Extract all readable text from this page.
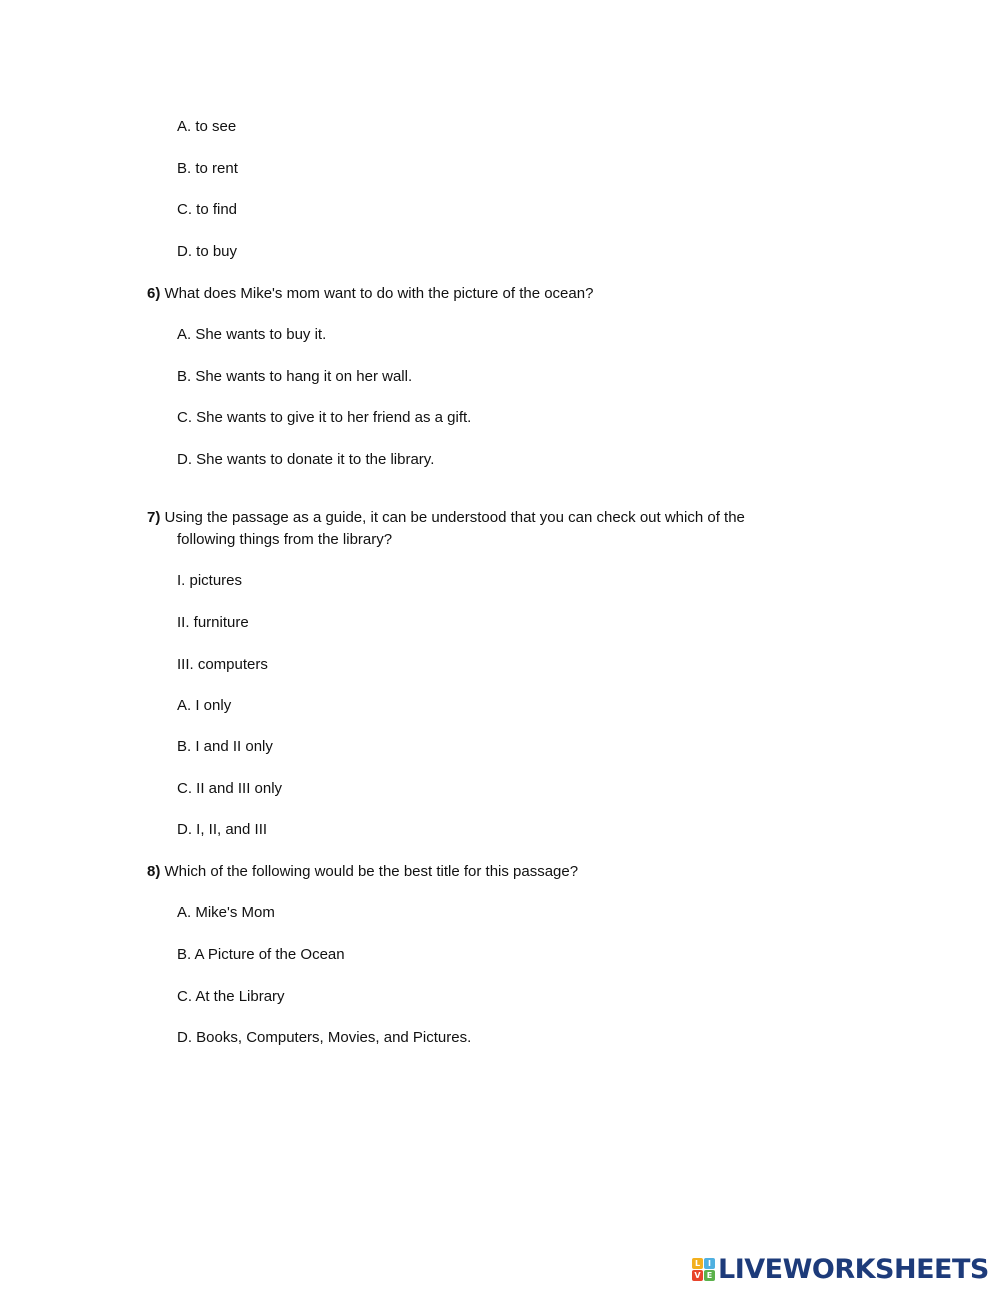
A. to see
B. to rent
C. to find
D. to buy
6) What does Mike's mom want to do with the picture of the ocean?
A. She wants to buy it.
B. She wants to hang it on her wall.
C. She wants to give it to her friend as a gift.
D. She wants to donate it to the library.
7) Using the passage as a guide, it can be understood that you can check out which of the
following things from the library?
I. pictures
II. furniture
III. computers
A. I only
B. I and II only
C. II and III only
D. I, II, and III
8) Which of the following would be the best title for this passage?
A. Mike's Mom
B. A Picture of the Ocean
C. At the Library
D. Books, Computers, Movies, and Pictures.
L I
V E LIVEWORKSHEETS
